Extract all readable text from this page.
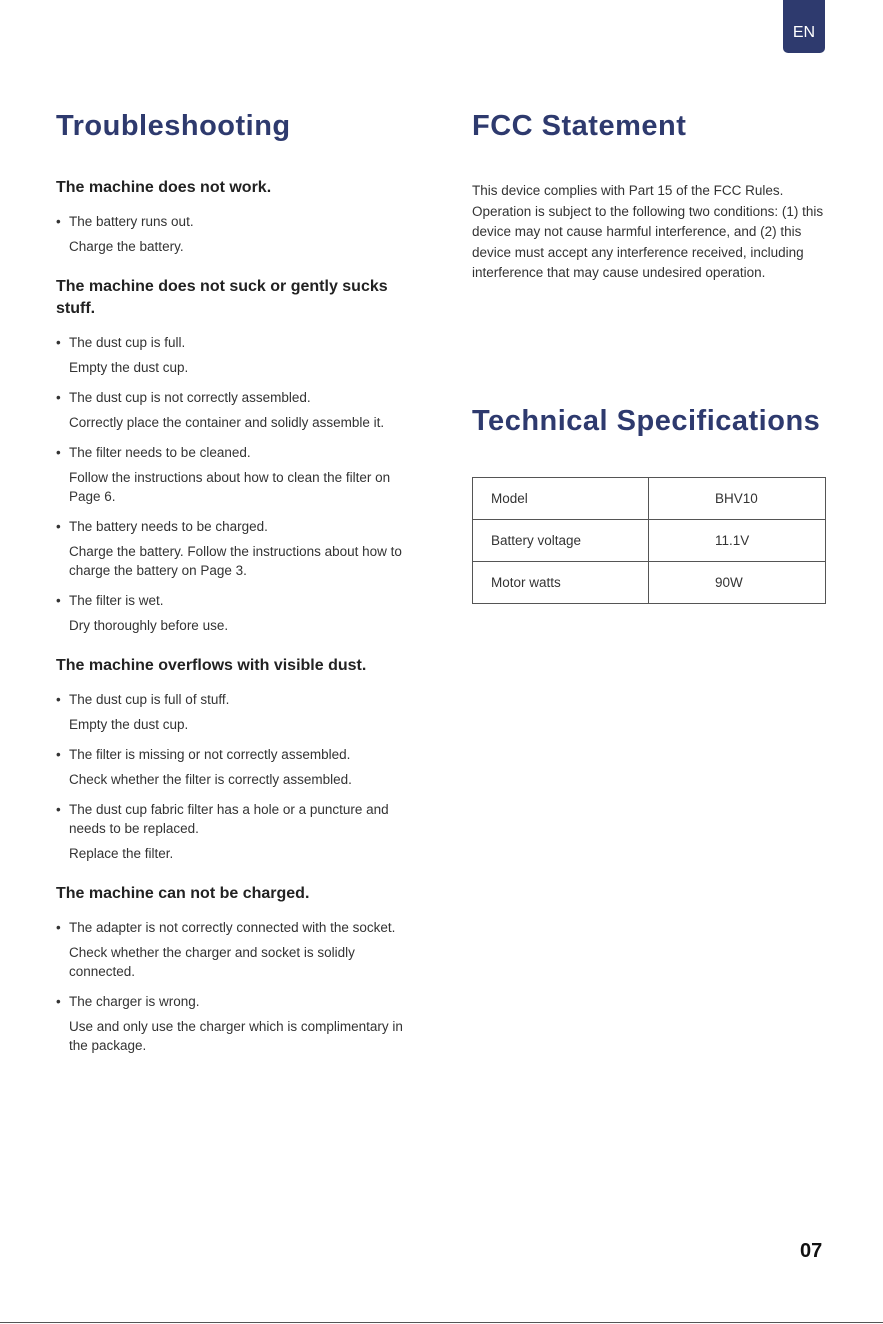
EN
Troubleshooting

The machine does not work.

• The battery runs out.
Charge the battery.

The machine does not suck or gently sucks stuff.

• The dust cup is full.
Empty the dust cup.
• The dust cup is not correctly assembled.
Correctly place the container and solidly assemble it.
• The filter needs to be cleaned.
Follow the instructions about how to clean the filter on Page 6.
• The battery needs to be charged.
Charge the battery. Follow the instructions about how to charge the battery on Page 3.
• The filter is wet.
Dry thoroughly before use.

The machine overflows with visible dust.

• The dust cup is full of stuff.
Empty the dust cup.
• The filter is missing or not correctly assembled.
Check whether the filter is correctly assembled.
• The dust cup fabric filter has a hole or a puncture and needs to be replaced.
Replace the filter.

The machine can not be charged.

• The adapter is not correctly connected with the socket.
Check whether the charger and socket is solidly connected.
• The charger is wrong.
Use and only use the charger which is complimentary in the package.
FCC Statement

This device complies with Part 15 of the FCC Rules. Operation is subject to the following two conditions: (1) this device may not cause harmful interference, and (2) this device must accept any interference received, including interference that may cause undesired operation.

Technical Specifications
Model	BHV10
Battery voltage	11.1V
Motor watts	90W
07
